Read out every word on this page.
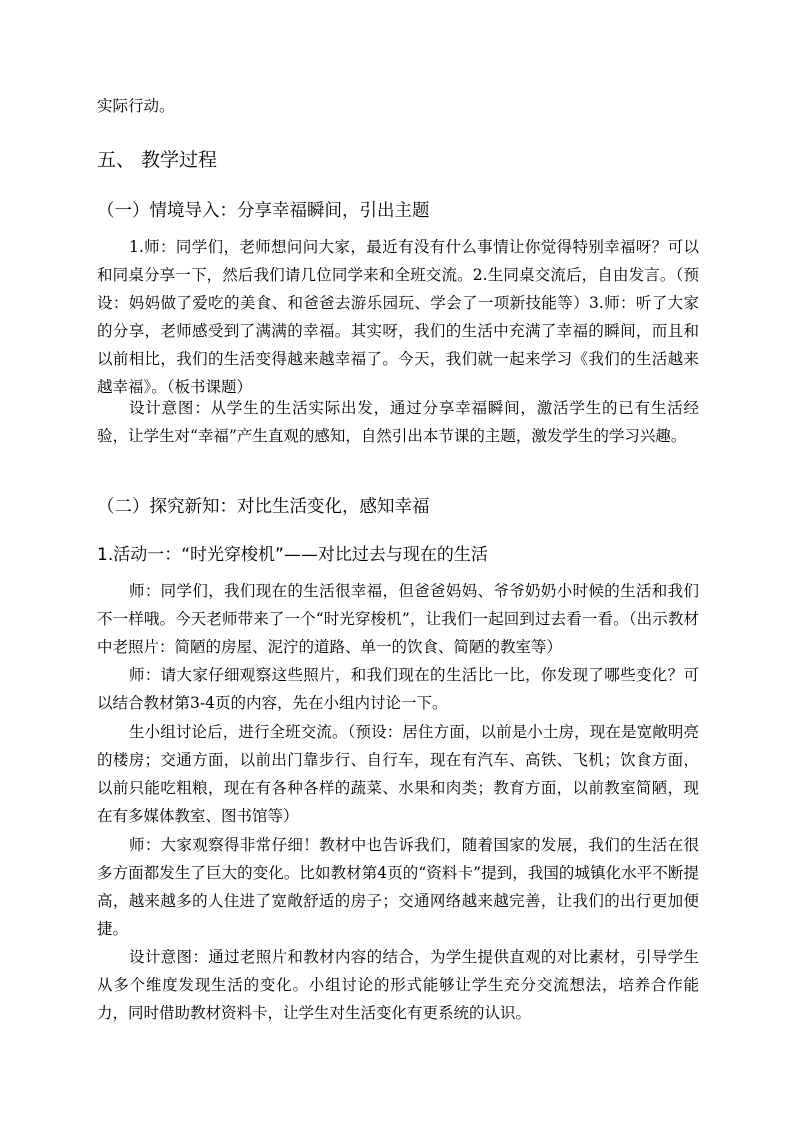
实际行动。

五、 教学过程
（一）情境导入：分享幸福瞬间，引出主题

1.师：同学们，老师想问问大家，最近有没有什么事情让你觉得特别幸福呀？可以和同桌分享一下，然后我们请几位同学来和全班交流。2.生同桌交流后，自由发言。（预设：妈妈做了爱吃的美食、和爸爸去游乐园玩、学会了一项新技能等）3.师：听了大家的分享，老师感受到了满满的幸福。其实呀，我们的生活中充满了幸福的瞬间，而且和以前相比，我们的生活变得越来越幸福了。今天，我们就一起来学习《我们的生活越来越幸福》。（板书课题）

设计意图：从学生的生活实际出发，通过分享幸福瞬间，激活学生的已有生活经验，让学生对“幸福”产生直观的感知，自然引出本节课的主题，激发学生的学习兴趣。

（二）探究新知：对比生活变化，感知幸福
1.活动一：“时光穿梭机”——对比过去与现在的生活

师：同学们，我们现在的生活很幸福，但爸爸妈妈、爷爷奶奶小时候的生活和我们不一样哦。今天老师带来了一个“时光穿梭机”，让我们一起回到过去看一看。（出示教材中老照片：简陋的房屋、泥泞的道路、单一的饮食、简陋的教室等）

师：请大家仔细观察这些照片，和我们现在的生活比一比，你发现了哪些变化？可以结合教材第3-4页的内容，先在小组内讨论一下。

生小组讨论后，进行全班交流。（预设：居住方面，以前是小土房，现在是宽敞明亮的楼房；交通方面，以前出门靠步行、自行车，现在有汽车、高铁、飞机；饮食方面，以前只能吃粗粮，现在有各种各样的蔬菜、水果和肉类；教育方面，以前教室简陋，现在有多媒体教室、图书馆等）

师：大家观察得非常仔细！教材中也告诉我们，随着国家的发展，我们的生活在很多方面都发生了巨大的变化。比如教材第4页的“资料卡”提到，我国的城镇化水平不断提高，越来越多的人住进了宽敞舒适的房子；交通网络越来越完善，让我们的出行更加便捷。

设计意图：通过老照片和教材内容的结合，为学生提供直观的对比素材，引导学生从多个维度发现生活的变化。小组讨论的形式能够让学生充分交流想法，培养合作能力，同时借助教材资料卡，让学生对生活变化有更系统的认识。
